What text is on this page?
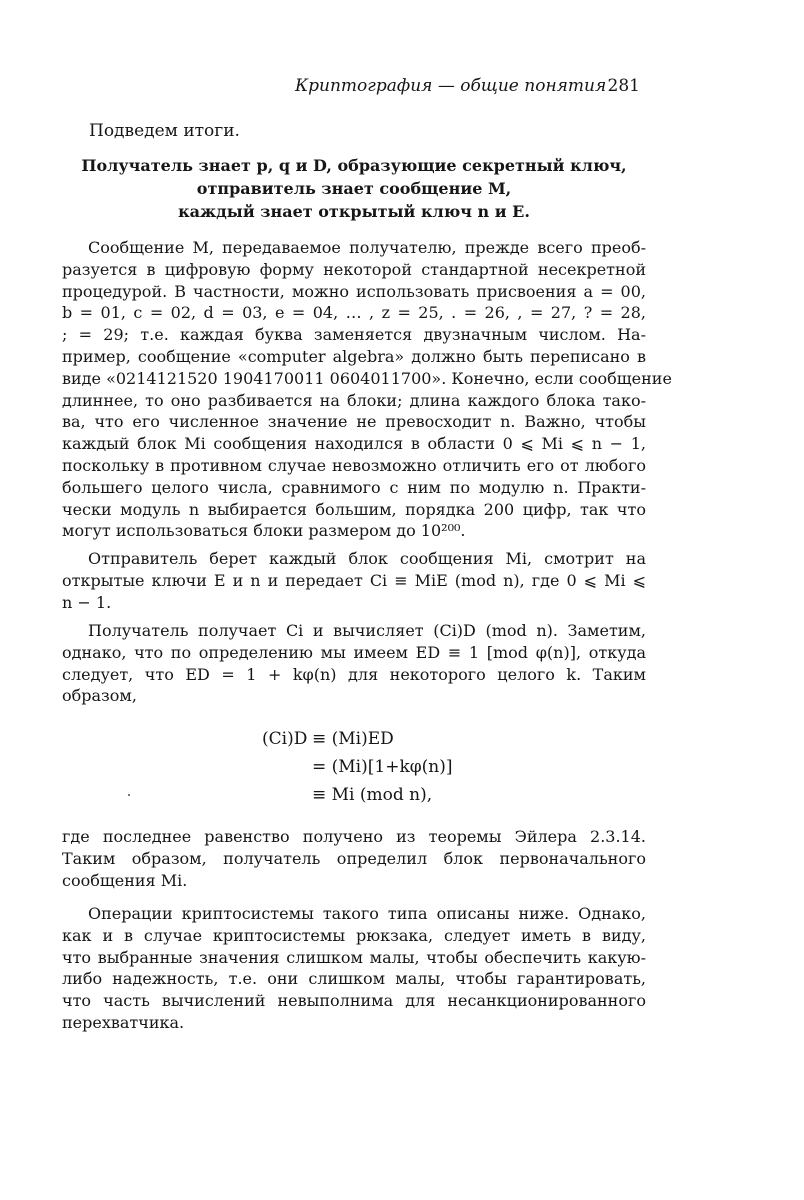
Криптография — общие понятия 281
Подведем итоги.
Получатель знает p, q и D, образующие секретный ключ,
отправитель знает сообщение M,
каждый знает открытый ключ n и E.
Сообщение M, передаваемое получателю, прежде всего преоб-
разуется в цифровую форму некоторой стандартной несекретной
процедурой. В частности, можно использовать присвоения a = 00,
b = 01, c = 02, d = 03, e = 04, … , z = 25, . = 26, , = 27, ? = 28,
; = 29; т.е. каждая буква заменяется двузначным числом. На-
пример, сообщение «computer algebra» должно быть переписано в
виде «0214121520 1904170011 0604011700». Конечно, если сообщение
длиннее, то оно разбивается на блоки; длина каждого блока тако-
ва, что его численное значение не превосходит n. Важно, чтобы
каждый блок Mi сообщения находился в области 0 ⩽ Mi ⩽ n − 1,
поскольку в противном случае невозможно отличить его от любого
большего целого числа, сравнимого с ним по модулю n. Практи-
чески модуль n выбирается большим, порядка 200 цифр, так что
могут использоваться блоки размером до 10²⁰⁰.
Отправитель берет каждый блок сообщения Mi, смотрит на
открытые ключи E и n и передает Ci ≡ MiE (mod n), где 0 ⩽ Mi ⩽
n − 1.
Получатель получает Ci и вычисляет (Ci)D (mod n). Заметим,
однако, что по определению мы имеем ED ≡ 1 [mod φ(n)], откуда
следует, что ED = 1 + kφ(n) для некоторого целого k. Таким
образом,
(Ci)D ≡ (Mi)ED
= (Mi)[1+kφ(n)]
≡ Mi (mod n),
где последнее равенство получено из теоремы Эйлера 2.3.14.
Таким образом, получатель определил блок первоначального
сообщения Mi.
Операции криптосистемы такого типа описаны ниже. Однако,
как и в случае криптосистемы рюкзака, следует иметь в виду,
что выбранные значения слишком малы, чтобы обеспечить какую-
либо надежность, т.е. они слишком малы, чтобы гарантировать,
что часть вычислений невыполнима для несанкционированного
перехватчика.
